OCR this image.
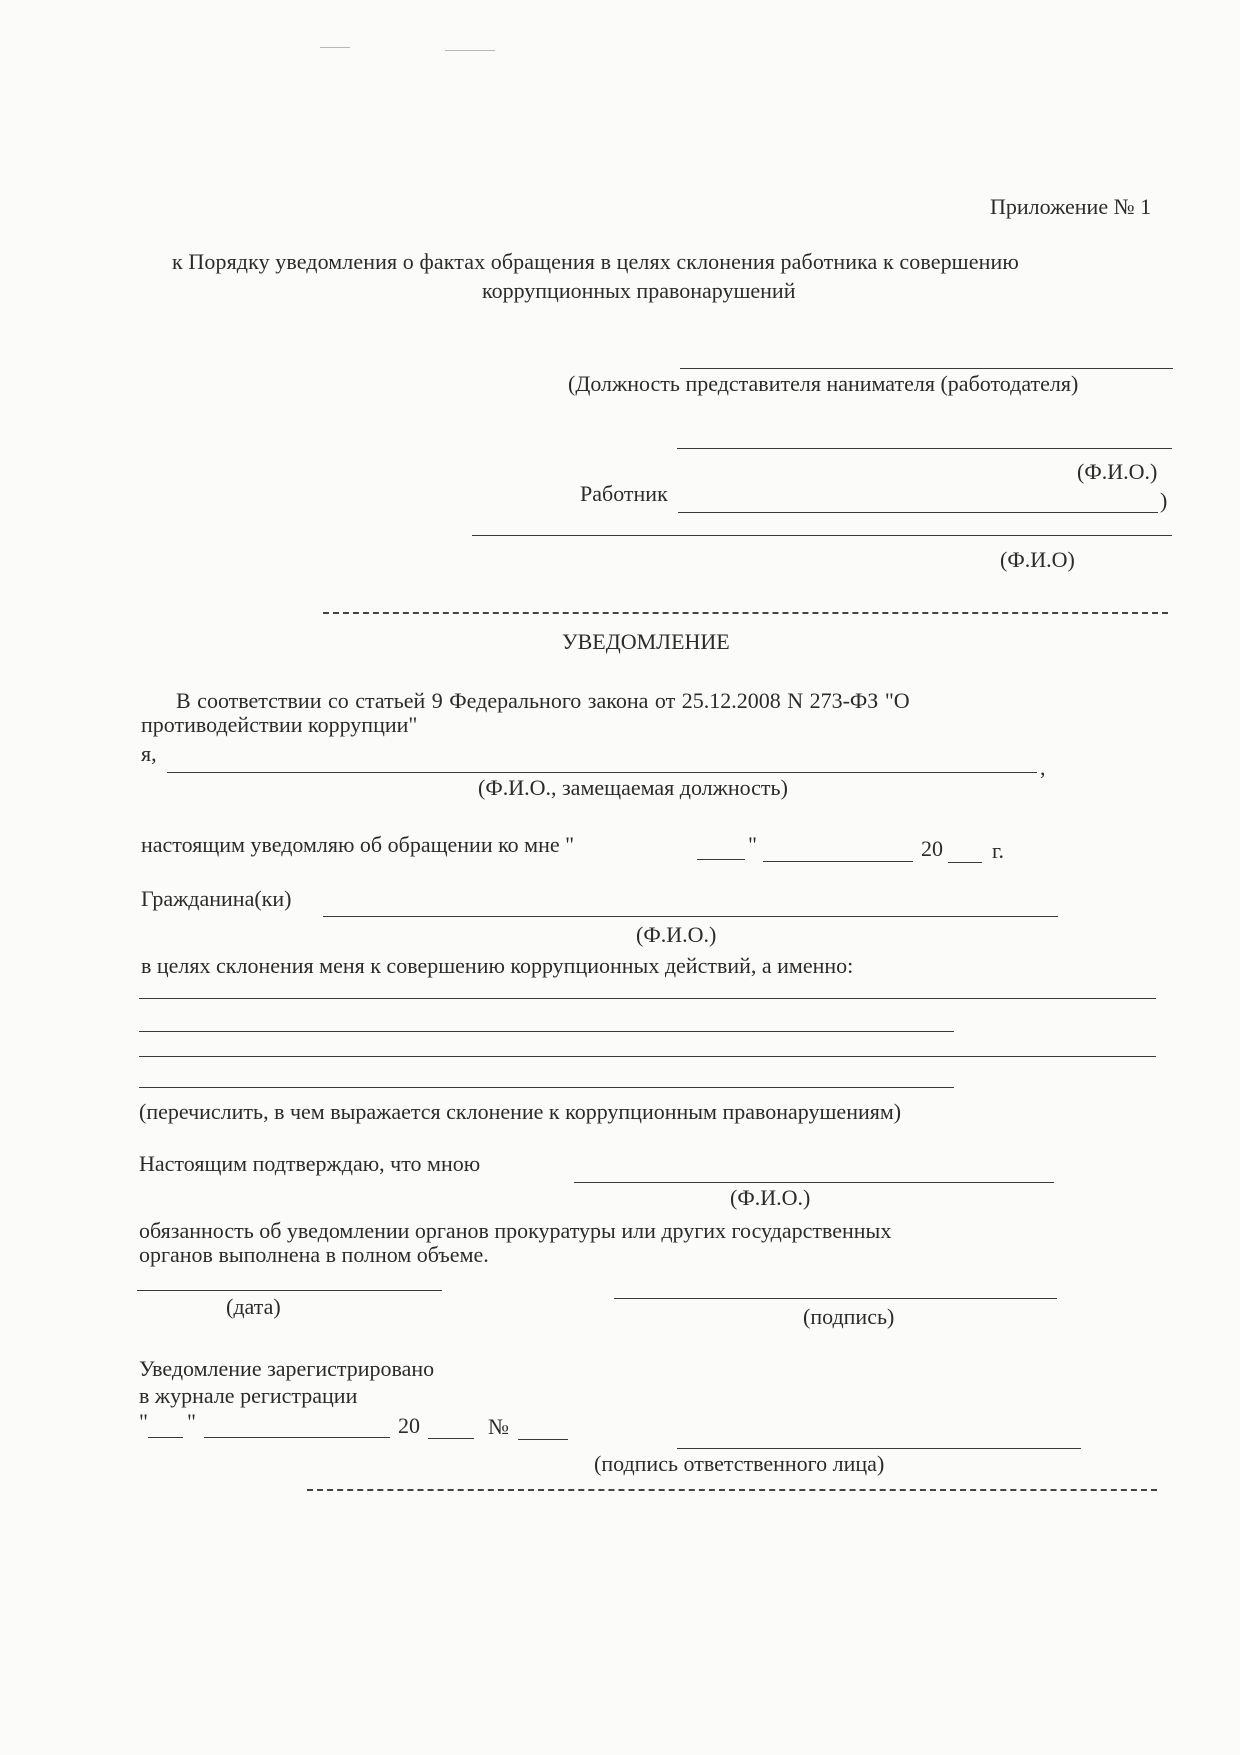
Приложение № 1
к Порядку уведомления о фактах обращения в целях склонения работника к совершению
коррупционных правонарушений
(Должность представителя нанимателя (работодателя)
(Ф.И.О.)
Работник	)
(Ф.И.О)
УВЕДОМЛЕНИЕ
В соответствии со статьей 9 Федерального закона от 25.12.2008 N 273-ФЗ "О
противодействии коррупции"
я,
,
(Ф.И.О., замещаемая должность)
настоящим уведомляю об обращении ко мне "	"	20 г.
Гражданина(ки)
(Ф.И.О.)
в целях склонения меня к совершению коррупционных действий, а именно:
(перечислить, в чем выражается склонение к коррупционным правонарушениям)
Настоящим подтверждаю, что мною
(Ф.И.О.)
обязанность об уведомлении органов прокуратуры или других государственных
органов выполнена в полном объеме.
(дата)	(подпись)
Уведомление зарегистрировано
в журнале регистрации
" "	20	№
(подпись ответственного лица)
